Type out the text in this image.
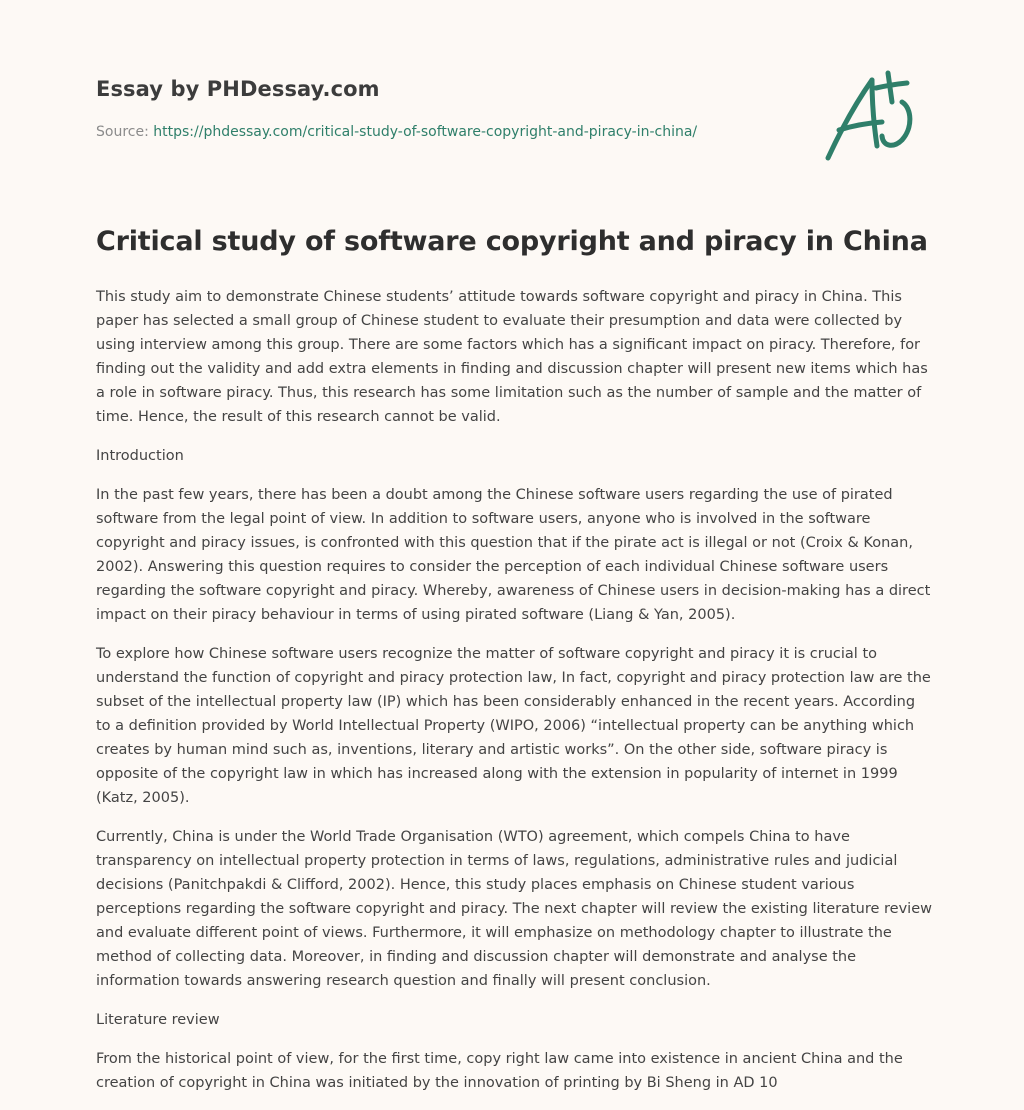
Essay by PHDessay.com

Source: https://phdessay.com/critical-study-of-software-copyright-and-piracy-in-china/

Critical study of software copyright and piracy in China

This study aim to demonstrate Chinese students’ attitude towards software copyright and piracy in China. This paper has selected a small group of Chinese student to evaluate their presumption and data were collected by using interview among this group. There are some factors which has a significant impact on piracy. Therefore, for finding out the validity and add extra elements in finding and discussion chapter will present new items which has a role in software piracy. Thus, this research has some limitation such as the number of sample and the matter of time. Hence, the result of this research cannot be valid.

Introduction

In the past few years, there has been a doubt among the Chinese software users regarding the use of pirated software from the legal point of view. In addition to software users, anyone who is involved in the software copyright and piracy issues, is confronted with this question that if the pirate act is illegal or not (Croix & Konan, 2002). Answering this question requires to consider the perception of each individual Chinese software users regarding the software copyright and piracy. Whereby, awareness of Chinese users in decision-making has a direct impact on their piracy behaviour in terms of using pirated software (Liang & Yan, 2005).

To explore how Chinese software users recognize the matter of software copyright and piracy it is crucial to understand the function of copyright and piracy protection law, In fact, copyright and piracy protection law are the subset of the intellectual property law (IP) which has been considerably enhanced in the recent years. According to a definition provided by World Intellectual Property (WIPO, 2006) “intellectual property can be anything which creates by human mind such as, inventions, literary and artistic works”. On the other side, software piracy is opposite of the copyright law in which has increased along with the extension in popularity of internet in 1999 (Katz, 2005).

Currently, China is under the World Trade Organisation (WTO) agreement, which compels China to have transparency on intellectual property protection in terms of laws, regulations, administrative rules and judicial decisions (Panitchpakdi & Clifford, 2002). Hence, this study places emphasis on Chinese student various perceptions regarding the software copyright and piracy. The next chapter will review the existing literature review and evaluate different point of views. Furthermore, it will emphasize on methodology chapter to illustrate the method of collecting data. Moreover, in finding and discussion chapter will demonstrate and analyse the information towards answering research question and finally will present conclusion.

Literature review

From the historical point of view, for the first time, copy right law came into existence in ancient China and the creation of copyright in China was initiated by the innovation of printing by Bi Sheng in AD 10
